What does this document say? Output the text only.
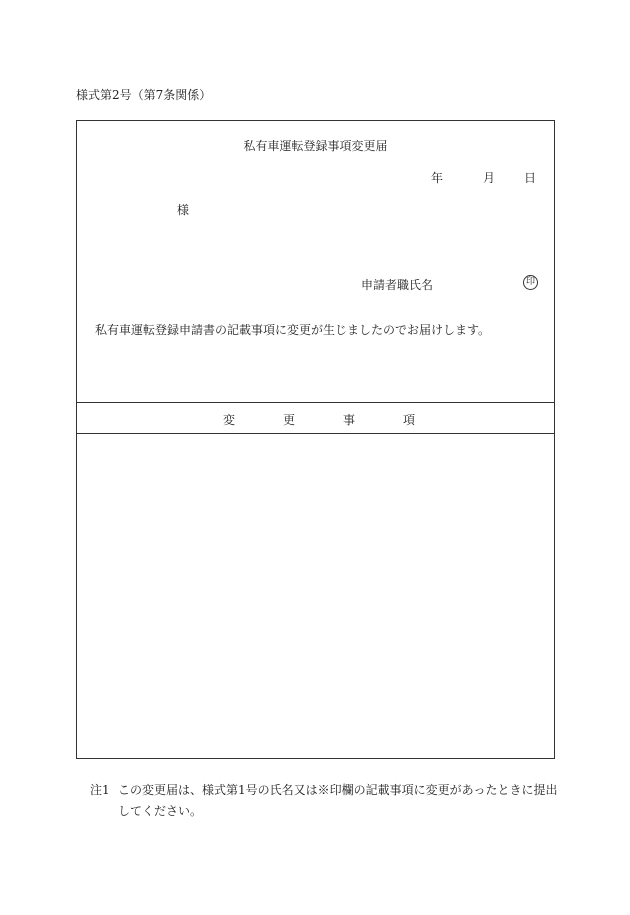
様式第2号（第7条関係）
私有車運転登録事項変更届
年	月	日
様
申請者職氏名	印
私有車運転登録申請書の記載事項に変更が生じましたのでお届けします。
変	更	事	項
注1 この変更届は、様式第1号の氏名又は※印欄の記載事項に変更があったときに提出
してください。
